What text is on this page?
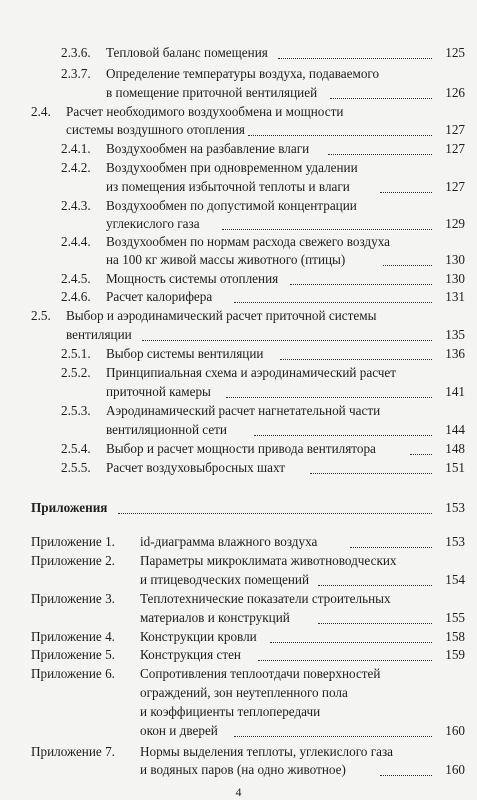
2.3.6. Тепловой баланс помещения	125
2.3.7. Определение температуры воздуха, подаваемого
в помещение приточной вентиляцией	126
2.4. Расчет необходимого воздухообмена и мощности
системы воздушного отопления	127
2.4.1. Воздухообмен на разбавление влаги	127
2.4.2. Воздухообмен при одновременном удалении
из помещения избыточной теплоты и влаги	127
2.4.3. Воздухообмен по допустимой концентрации
углекислого газа	129
2.4.4. Воздухообмен по нормам расхода свежего воздуха
на 100 кг живой массы животного (птицы)	130
2.4.5. Мощность системы отопления	130
2.4.6. Расчет калорифера	131
2.5. Выбор и аэродинамический расчет приточной системы
вентиляции	135
2.5.1. Выбор системы вентиляции	136
2.5.2. Принципиальная схема и аэродинамический расчет
приточной камеры	141
2.5.3. Аэродинамический расчет нагнетательной части
вентиляционной сети	144
2.5.4. Выбор и расчет мощности привода вентилятора	148
2.5.5. Расчет воздуховыбросных шахт	151
Приложения	153
Приложение 1. id-диаграмма влажного воздуха	153
Приложение 2. Параметры микроклимата животноводческих
и птицеводческих помещений	154
Приложение 3. Теплотехнические показатели строительных
материалов и конструкций	155
Приложение 4. Конструкции кровли	158
Приложение 5. Конструкция стен	159
Приложение 6. Сопротивления теплоотдачи поверхностей
ограждений, зон неутепленного пола
и коэффициенты теплопередачи
окон и дверей	160
Приложение 7. Нормы выделения теплоты, углекислого газа
и водяных паров (на одно животное)	160
4
